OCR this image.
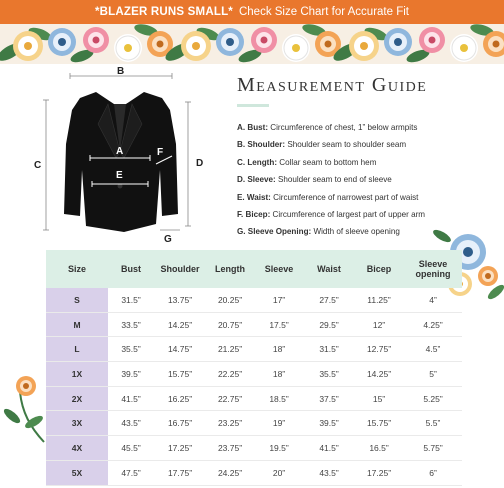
*BLAZER RUNS SMALL* Check Size Chart for Accurate Fit
B
C	D
A
E
F
G
Measurement Guide
A. Bust: Circumference of chest, 1” below armpits
B. Shoulder: Shoulder seam to shoulder seam
C. Length: Collar seam to bottom hem
D. Sleeve: Shoulder seam to end of sleeve
E. Waist: Circumference of narrowest part of waist
F. Bicep: Circumference of largest part of upper arm
G. Sleeve Opening: Width of sleeve opening
Size	Bust	Shoulder	Length	Sleeve	Waist	Bicep	Sleeve opening
S	31.5”	13.75”	20.25”	17”	27.5”	11.25”	4”
M	33.5”	14.25”	20.75”	17.5”	29.5”	12”	4.25”
L	35.5”	14.75”	21.25”	18”	31.5”	12.75”	4.5”
1X	39.5”	15.75”	22.25”	18”	35.5”	14.25”	5”
2X	41.5”	16.25”	22.75”	18.5”	37.5”	15”	5.25”
3X	43.5”	16.75”	23.25”	19”	39.5”	15.75”	5.5”
4X	45.5”	17.25”	23.75”	19.5”	41.5”	16.5”	5.75”
5X	47.5”	17.75”	24.25”	20”	43.5”	17.25”	6”
